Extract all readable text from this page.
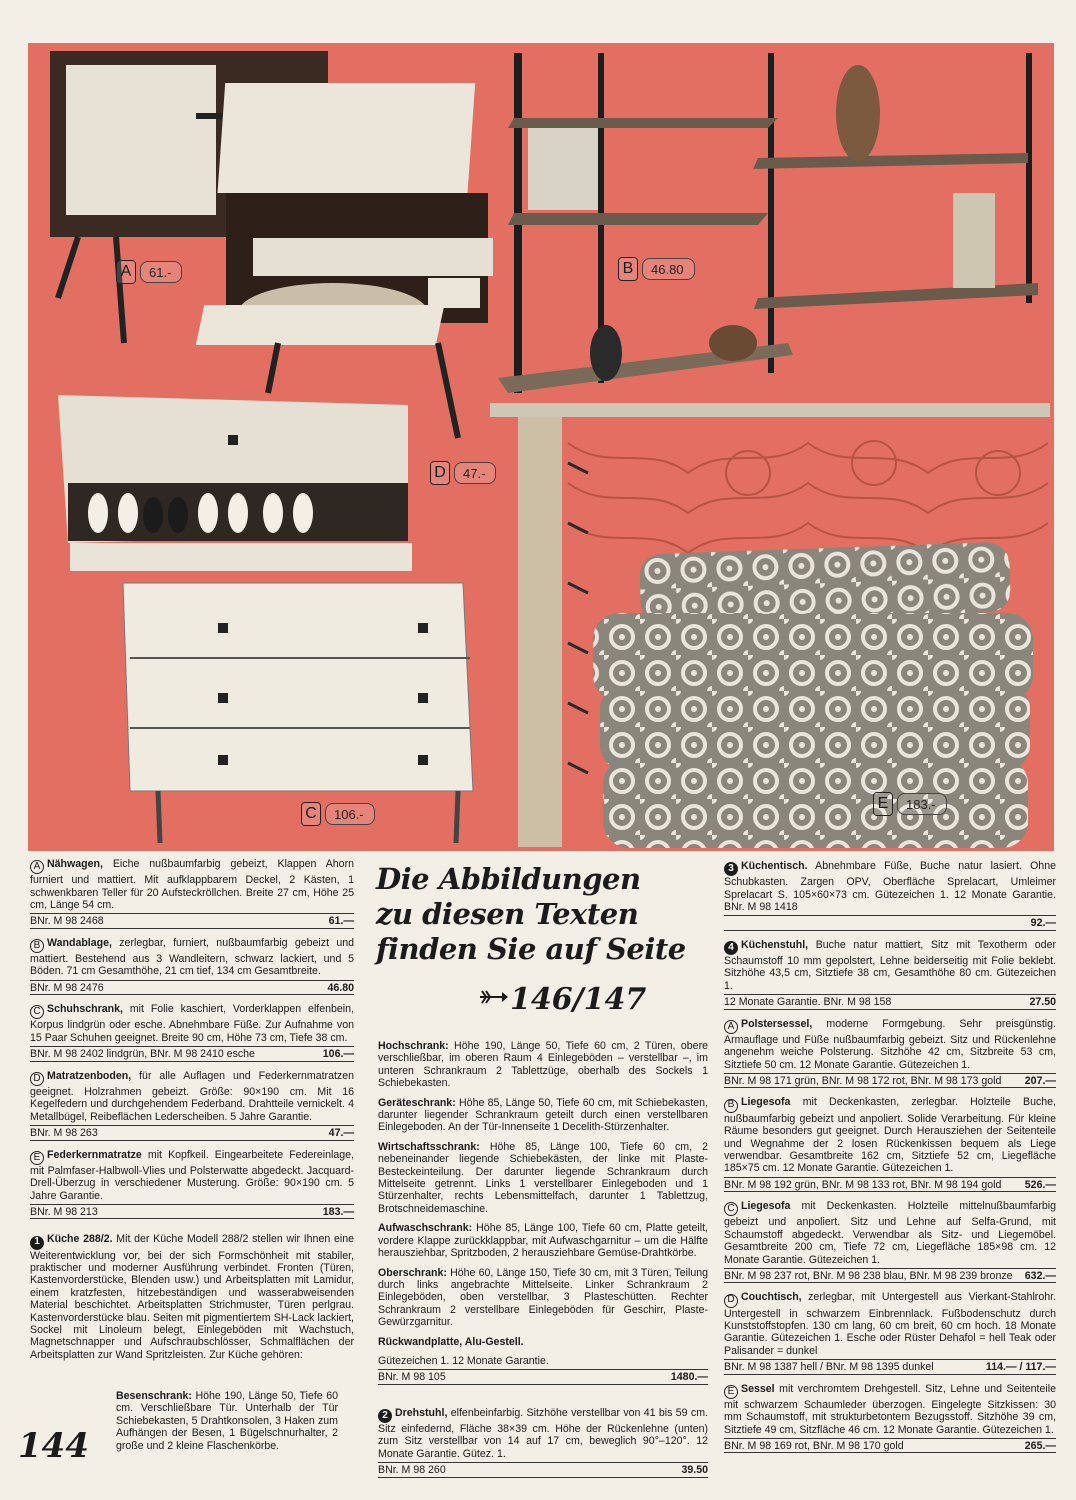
A	61.-	B	46.80
C	106.-
D	47.-
E	183.-

A Nähwagen, Eiche nußbaumfarbig gebeizt, Klappen Ahorn furniert und mattiert. Mit aufklappbarem Deckel, 2 Kästen, 1 schwenkbaren Teller für 20 Aufsteckröllchen. Breite 27 cm, Höhe 25 cm, Länge 54 cm.

BNr. M 98 2468	61.—

B Wandablage, zerlegbar, furniert, nußbaumfarbig gebeizt und mattiert. Bestehend aus 3 Wandleitern, schwarz lackiert, und 5 Böden. 71 cm Gesamthöhe, 21 cm tief, 134 cm Gesamtbreite.

BNr. M 98 2476	46.80

C Schuhschrank, mit Folie kaschiert, Vorderklappen elfenbein, Korpus lindgrün oder esche. Abnehmbare Füße. Zur Aufnahme von 15 Paar Schuhen geeignet. Breite 90 cm, Höhe 73 cm, Tiefe 38 cm.

BNr. M 98 2402 lindgrün, BNr. M 98 2410 esche	106.—

D Matratzenboden, für alle Auflagen und Federkernmatratzen geeignet. Holzrahmen gebeizt. Größe: 90×190 cm. Mit 16 Kegelfedern und durchgehendem Federband. Drahtteile vernickelt. 4 Metallbügel, Reibeflächen Lederscheiben. 5 Jahre Garantie.

BNr. M 98 263	47.—

E Federkernmatratze mit Kopfkeil. Eingearbeitete Federeinlage, mit Palmfaser-Halbwoll-Vlies und Polsterwatte abgedeckt. Jacquard-Drell-Überzug in verschiedener Musterung. Größe: 90×190 cm. 5 Jahre Garantie.

BNr. M 98 213	183.—

1 Küche 288/2. Mit der Küche Modell 288/2 stellen wir Ihnen eine Weiterentwicklung vor, bei der sich Formschönheit mit stabiler, praktischer und moderner Ausführung verbindet. Fronten (Türen, Kastenvorderstücke, Blenden usw.) und Arbeitsplatten mit Lamidur, einem kratzfesten, hitzebeständigen und wasserabweisenden Material beschichtet. Arbeitsplatten Strichmuster, Türen perlgrau. Kastenvorderstücke blau. Seiten mit pigmentiertem SH-Lack lackiert, Sockel mit Linoleum belegt, Einlegeböden mit Wachstuch, Magnetschnapper und Aufschraubschlösser, Schmalflächen der Arbeitsplatten zur Wand Spritzleisten. Zur Küche gehören:

Besenschrank: Höhe 190, Länge 50, Tiefe 60 cm. Verschließbare Tür. Unterhalb der Tür Schiebekasten, 5 Drahtkonsolen, 3 Haken zum Aufhängen der Besen, 1 Bügelschnurhalter, 2 große und 2 kleine Flaschenkörbe.
144
Die Abbildungen
zu diesen Texten
finden Sie auf Seite
146/147

Hochschrank: Höhe 190, Länge 50, Tiefe 60 cm, 2 Türen, obere verschließbar, im oberen Raum 4 Einlegeböden – verstellbar –, im unteren Schrankraum 2 Tablettzüge, oberhalb des Sockels 1 Schiebekasten.

Geräteschrank: Höhe 85, Länge 50, Tiefe 60 cm, mit Schiebekasten, darunter liegender Schrankraum geteilt durch einen verstellbaren Einlegeboden. An der Tür-Innenseite 1 Decelith-Stürzenhalter.

Wirtschaftsschrank: Höhe 85, Länge 100, Tiefe 60 cm, 2 nebeneinander liegende Schiebekästen, der linke mit Plaste-Besteckeinteilung. Der darunter liegende Schrankraum durch Mittelseite getrennt. Links 1 verstellbarer Einlegeboden und 1 Stürzenhalter, rechts Lebensmittelfach, darunter 1 Tablettzug, Brotschneidemaschine.

Aufwaschschrank: Höhe 85, Länge 100, Tiefe 60 cm, Platte geteilt, vordere Klappe zurückklappbar, mit Aufwaschgarnitur – um die Hälfte herausziehbar, Spritzboden, 2 herausziehbare Gemüse-Drahtkörbe.

Oberschrank: Höhe 60, Länge 150, Tiefe 30 cm, mit 3 Türen, Teilung durch links angebrachte Mittelseite. Linker Schrankraum 2 Einlegeböden, oben verstellbar, 3 Plasteschütten. Rechter Schrankraum 2 verstellbare Einlegeböden für Geschirr, Plaste-Gewürzgarnitur.

Rückwandplatte, Alu-Gestell.

Gütezeichen 1. 12 Monate Garantie.

BNr. M 98 105	1480.—

2 Drehstuhl, elfenbeinfarbig. Sitzhöhe verstellbar von 41 bis 59 cm. Sitz einfedernd, Fläche 38×39 cm. Höhe der Rückenlehne (unten) zum Sitz verstellbar von 14 auf 17 cm, beweglich 90°–120°. 12 Monate Garantie. Gütez. 1.

BNr. M 98 260	39.50

3 Küchentisch. Abnehmbare Füße, Buche natur lasiert. Ohne Schubkasten. Zargen OPV, Oberfläche Sprelacart, Umleimer Sprelacart S. 105×60×73 cm. Gütezeichen 1. 12 Monate Garantie. BNr. M 98 1418

92.—

4 Küchenstuhl, Buche natur mattiert, Sitz mit Texotherm oder Schaumstoff 10 mm gepolstert, Lehne beiderseitig mit Folie beklebt. Sitzhöhe 43,5 cm, Sitztiefe 38 cm, Gesamthöhe 80 cm. Gütezeichen 1.

12 Monate Garantie. BNr. M 98 158	27.50

A Polstersessel, moderne Formgebung. Sehr preisgünstig. Armauflage und Füße nußbaumfarbig gebeizt. Sitz und Rückenlehne angenehm weiche Polsterung. Sitzhöhe 42 cm, Sitzbreite 53 cm, Sitztiefe 50 cm. 12 Monate Garantie. Gütezeichen 1.

BNr. M 98 171 grün, BNr. M 98 172 rot, BNr. M 98 173 gold 207.—

B Liegesofa mit Deckenkasten, zerlegbar. Holzteile Buche, nußbaumfarbig gebeizt und anpoliert. Solide Verarbeitung. Für kleine Räume besonders gut geeignet. Durch Herausziehen der Seitenteile und Wegnahme der 2 losen Rückenkissen bequem als Liege verwendbar. Gesamtbreite 162 cm, Sitztiefe 52 cm, Liegefläche 185×75 cm. 12 Monate Garantie. Gütezeichen 1.

BNr. M 98 192 grün, BNr. M 98 133 rot, BNr. M 98 194 gold 526.—

C Liegesofa mit Deckenkasten. Holzteile mittelnußbaumfarbig gebeizt und anpoliert. Sitz und Lehne auf Selfa-Grund, mit Schaumstoff abgedeckt. Verwendbar als Sitz- und Liegemöbel. Gesamtbreite 200 cm, Tiefe 72 cm, Liegefläche 185×98 cm. 12 Monate Garantie. Gütezeichen 1.

BNr. M 98 237 rot, BNr. M 98 238 blau, BNr. M 98 239 bronze 632.—

D Couchtisch, zerlegbar, mit Untergestell aus Vierkant-Stahlrohr. Untergestell in schwarzem Einbrennlack. Fußbodenschutz durch Kunststoffstopfen. 130 cm lang, 60 cm breit, 60 cm hoch. 18 Monate Garantie. Gütezeichen 1. Esche oder Rüster Dehafol = hell Teak oder Palisander = dunkel

BNr. M 98 1387 hell / BNr. M 98 1395 dunkel	114.— / 117.—

E Sessel mit verchromtem Drehgestell. Sitz, Lehne und Seitenteile mit schwarzem Schaumleder überzogen. Eingelegte Sitzkissen: 30 mm Schaumstoff, mit strukturbetontem Bezugsstoff. Sitzhöhe 39 cm, Sitztiefe 49 cm, Sitzfläche 46 cm. 12 Monate Garantie. Gütezeichen 1.

BNr. M 98 169 rot, BNr. M 98 170 gold	265.—
